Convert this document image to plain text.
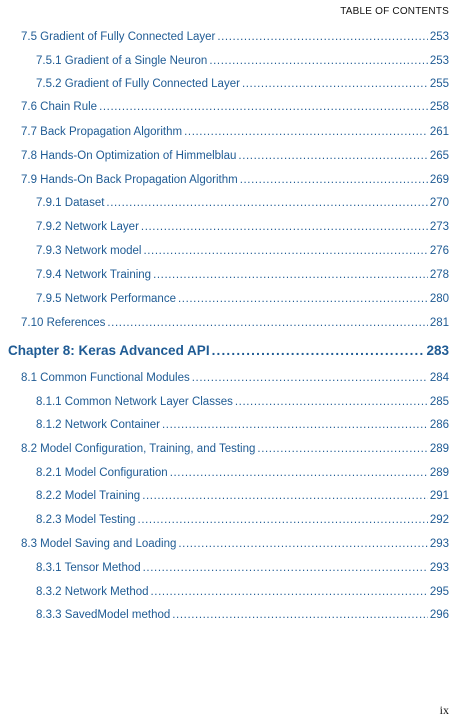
TABLE OF CONTENTS
7.5 Gradient of Fully Connected Layer .....	253
7.5.1 Gradient of a Single Neuron .....	253
7.5.2 Gradient of Fully Connected Layer .....	255
7.6 Chain Rule .....	258
7.7 Back Propagation Algorithm .....	261
7.8 Hands-On Optimization of Himmelblau .....	265
7.9 Hands-On Back Propagation Algorithm .....	269
7.9.1 Dataset .....	270
7.9.2 Network Layer .....	273
7.9.3 Network model .....	276
7.9.4 Network Training .....	278
7.9.5 Network Performance .....	280
7.10 References .....	281
Chapter 8: Keras Advanced API .....	283
8.1 Common Functional Modules .....	284
8.1.1 Common Network Layer Classes .....	285
8.1.2 Network Container .....	286
8.2 Model Configuration, Training, and Testing .....	289
8.2.1 Model Configuration .....	289
8.2.2 Model Training .....	291
8.2.3 Model Testing .....	292
8.3 Model Saving and Loading .....	293
8.3.1 Tensor Method .....	293
8.3.2 Network Method .....	295
8.3.3 SavedModel method .....	296
ix
